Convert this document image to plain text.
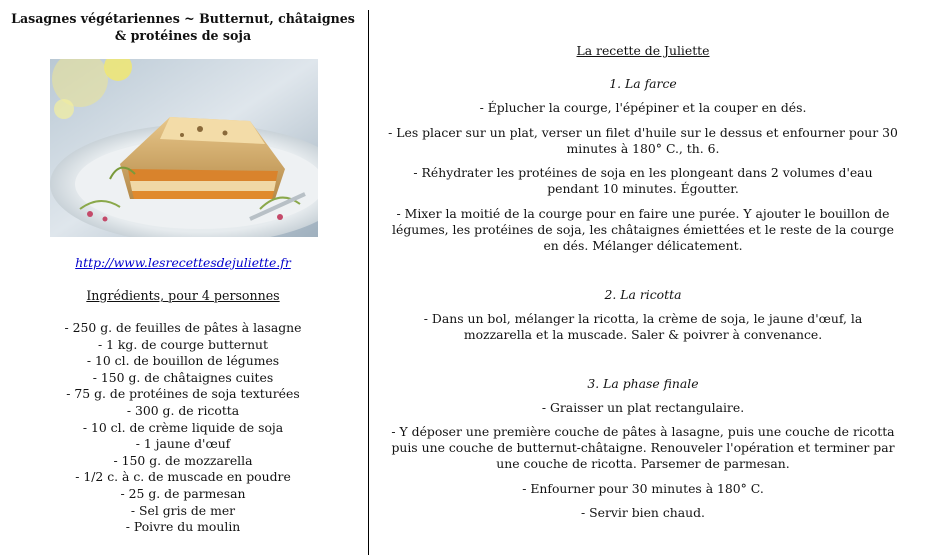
Lasagnes végétariennes ~ Butternut, châtaignes & protéines de soja
http://www.lesrecettesdejuliette.fr
Ingrédients, pour 4 personnes
- 250 g. de feuilles de pâtes à lasagne
- 1 kg. de courge butternut
- 10 cl. de bouillon de légumes
- 150 g. de châtaignes cuites
- 75 g. de protéines de soja texturées
- 300 g. de ricotta
- 10 cl. de crème liquide de soja
- 1 jaune d'œuf
- 150 g. de mozzarella
- 1/2 c. à c. de muscade en poudre
- 25 g. de parmesan
- Sel gris de mer
- Poivre du moulin
La recette de Juliette
1. La farce
- Éplucher la courge, l'épépiner et la couper en dés.
- Les placer sur un plat, verser un filet d'huile sur le dessus et enfourner pour 30 minutes à 180° C., th. 6.
- Réhydrater les protéines de soja en les plongeant dans 2 volumes d'eau pendant 10 minutes. Égoutter.
- Mixer la moitié de la courge pour en faire une purée. Y ajouter le bouillon de légumes, les protéines de soja, les châtaignes émiettées et le reste de la courge en dés. Mélanger délicatement.
2. La ricotta
- Dans un bol, mélanger la ricotta, la crème de soja, le jaune d'œuf, la mozzarella et la muscade. Saler & poivrer à convenance.
3. La phase finale
- Graisser un plat rectangulaire.
- Y déposer une première couche de pâtes à lasagne, puis une couche de ricotta puis une couche de butternut-châtaigne. Renouveler l'opération et terminer par une couche de ricotta. Parsemer de parmesan.
- Enfourner pour 30 minutes à 180° C.
- Servir bien chaud.
